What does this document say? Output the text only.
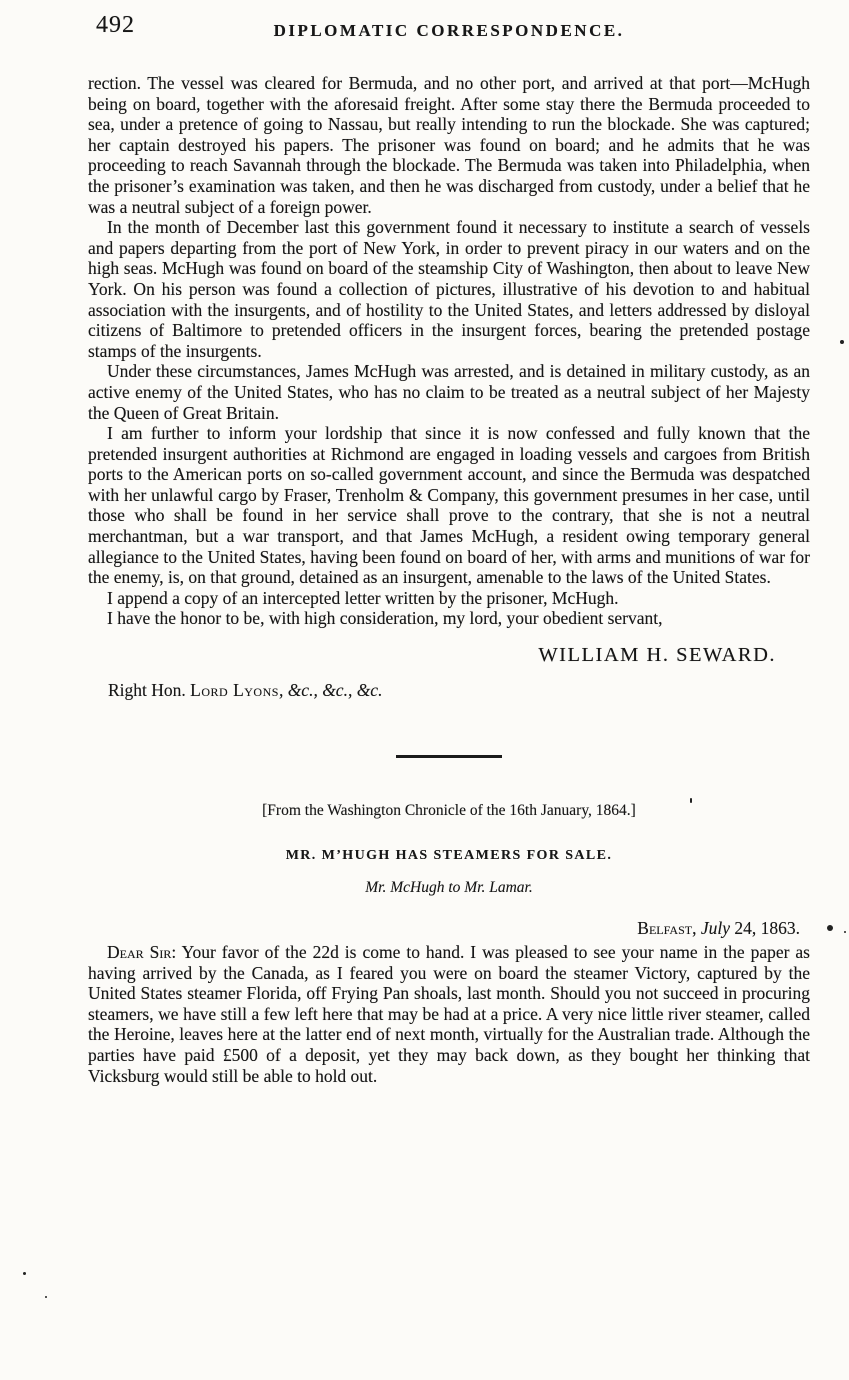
492	DIPLOMATIC CORRESPONDENCE.

rection. The vessel was cleared for Bermuda, and no other port, and arrived at that port—McHugh being on board, together with the aforesaid freight. After some stay there the Bermuda proceeded to sea, under a pretence of going to Nassau, but really intending to run the blockade. She was captured; her captain destroyed his papers. The prisoner was found on board; and he admits that he was proceeding to reach Savannah through the blockade. The Bermuda was taken into Philadelphia, when the prisoner’s examination was taken, and then he was discharged from custody, under a belief that he was a neutral subject of a foreign power.

In the month of December last this government found it necessary to institute a search of vessels and papers departing from the port of New York, in order to prevent piracy in our waters and on the high seas. McHugh was found on board of the steamship City of Washington, then about to leave New York. On his person was found a collection of pictures, illustrative of his devotion to and habitual association with the insurgents, and of hostility to the United States, and letters addressed by disloyal citizens of Baltimore to pretended officers in the insurgent forces, bearing the pretended postage stamps of the insurgents.

Under these circumstances, James McHugh was arrested, and is detained in military custody, as an active enemy of the United States, who has no claim to be treated as a neutral subject of her Majesty the Queen of Great Britain.

I am further to inform your lordship that since it is now confessed and fully known that the pretended insurgent authorities at Richmond are engaged in loading vessels and cargoes from British ports to the American ports on so-called government account, and since the Bermuda was despatched with her unlawful cargo by Fraser, Trenholm & Company, this government presumes in her case, until those who shall be found in her service shall prove to the contrary, that she is not a neutral merchantman, but a war transport, and that James McHugh, a resident owing temporary general allegiance to the United States, having been found on board of her, with arms and munitions of war for the enemy, is, on that ground, detained as an insurgent, amenable to the laws of the United States.

I append a copy of an intercepted letter written by the prisoner, McHugh.

I have the honor to be, with high consideration, my lord, your obedient servant,

WILLIAM H. SEWARD.
Right Hon. Lord Lyons, &c., &c., &c.
[From the Washington Chronicle of the 16th January, 1864.]
MR. M’HUGH HAS STEAMERS FOR SALE.
Mr. McHugh to Mr. Lamar.
Belfast, July 24, 1863.

Dear Sir: Your favor of the 22d is come to hand. I was pleased to see your name in the paper as having arrived by the Canada, as I feared you were on board the steamer Victory, captured by the United States steamer Florida, off Frying Pan shoals, last month. Should you not succeed in procuring steamers, we have still a few left here that may be had at a price. A very nice little river steamer, called the Heroine, leaves here at the latter end of next month, virtually for the Australian trade. Although the parties have paid £500 of a deposit, yet they may back down, as they bought her thinking that Vicksburg would still be able to hold out.
